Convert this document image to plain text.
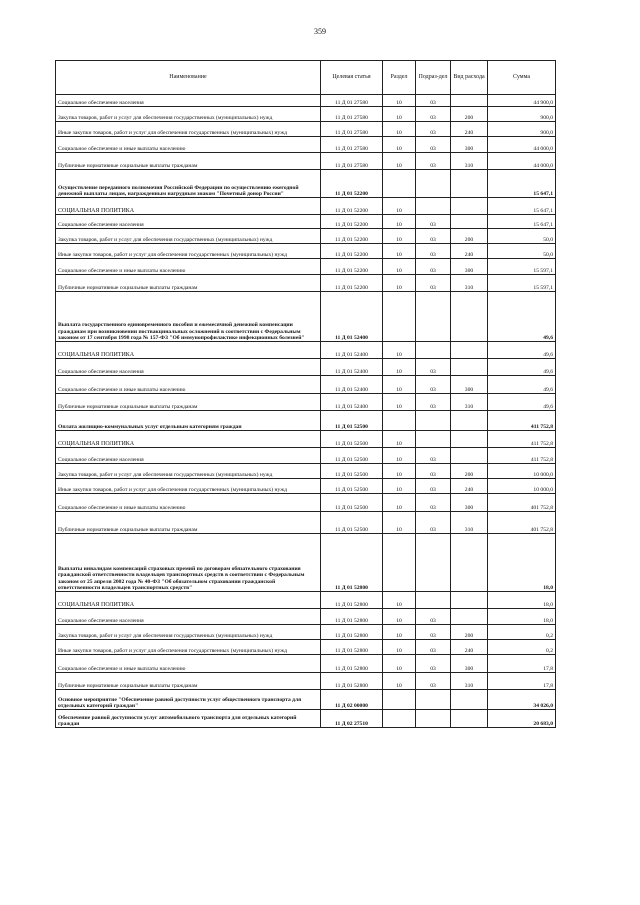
359
Наименование	Целевая статья	Раздел	Подраз-дел	Вид расхода	Сумма
Социальное обеспечение населения	11 Д 01 27580	10	03		44 900,0
Закупка товаров, работ и услуг для обеспечения государственных (муниципальных) нужд	11 Д 01 27580	10	03	200	900,0
Иные закупки товаров, работ и услуг для обеспечения государственных (муниципальных) нужд	11 Д 01 27580	10	03	240	900,0
Социальное обеспечение и иные выплаты населению	11 Д 01 27580	10	03	300	44 000,0
Публичные нормативные социальные выплаты гражданам	11 Д 01 27580	10	03	310	44 000,0
Осуществление переданного полномочия Российской Федерации по осуществлению ежегодной денежной выплаты лицам, награжденным нагрудным знаком "Почетный донор России"	11 Д 01 52200				15 647,1
СОЦИАЛЬНАЯ ПОЛИТИКА	11 Д 01 52200	10			15 647,1
Социальное обеспечение населения	11 Д 01 52200	10	03		15 647,1
Закупка товаров, работ и услуг для обеспечения государственных (муниципальных) нужд	11 Д 01 52200	10	03	200	50,0
Иные закупки товаров, работ и услуг для обеспечения государственных (муниципальных) нужд	11 Д 01 52200	10	03	240	50,0
Социальное обеспечение и иные выплаты населению	11 Д 01 52200	10	03	300	15 597,1
Публичные нормативные социальные выплаты гражданам	11 Д 01 52200	10	03	310	15 597,1
Выплата государственного единовременного пособия и ежемесячной денежной компенсации гражданам при возникновении поствакцинальных осложнений в соответствии с Федеральным законом от 17 сентября 1998 года № 157-ФЗ "Об иммунопрофилактике инфекционных болезней"	11 Д 01 52400				49,6
СОЦИАЛЬНАЯ ПОЛИТИКА	11 Д 01 52400	10			49,6
Социальное обеспечение населения	11 Д 01 52400	10	03		49,6
Социальное обеспечение и иные выплаты населению	11 Д 01 52400	10	03	300	49,6
Публичные нормативные социальные выплаты гражданам	11 Д 01 52400	10	03	310	49,6
Оплата жилищно-коммунальных услуг отдельным категориям граждан	11 Д 01 52500				411 752,8
СОЦИАЛЬНАЯ ПОЛИТИКА	11 Д 01 52500	10			411 752,8
Социальное обеспечение населения	11 Д 01 52500	10	03		411 752,8
Закупка товаров, работ и услуг для обеспечения государственных (муниципальных) нужд	11 Д 01 52500	10	03	200	10 000,0
Иные закупки товаров, работ и услуг для обеспечения государственных (муниципальных) нужд	11 Д 01 52500	10	03	240	10 000,0
Социальное обеспечение и иные выплаты населению	11 Д 01 52500	10	03	300	401 752,8
Публичные нормативные социальные выплаты гражданам	11 Д 01 52500	10	03	310	401 752,8
Выплаты инвалидам компенсаций страховых премий по договорам обязательного страхования гражданской ответственности владельцев транспортных средств в соответствии с Федеральным законом от 25 апреля 2002 года № 40-ФЗ "Об обязательном страховании гражданской ответственности владельцев транспортных средств"	11 Д 01 52800				18,0
СОЦИАЛЬНАЯ ПОЛИТИКА	11 Д 01 52800	10			18,0
Социальное обеспечение населения	11 Д 01 52800	10	03		18,0
Закупка товаров, работ и услуг для обеспечения государственных (муниципальных) нужд	11 Д 01 52800	10	03	200	0,2
Иные закупки товаров, работ и услуг для обеспечения государственных (муниципальных) нужд	11 Д 01 52800	10	03	240	0,2
Социальное обеспечение и иные выплаты населению	11 Д 01 52800	10	03	300	17,8
Публичные нормативные социальные выплаты гражданам	11 Д 01 52800	10	03	310	17,8
Основное мероприятие "Обеспечение равной доступности услуг общественного транспорта для отдельных категорий граждан"	11 Д 02 00000				34 026,0
Обеспечение равной доступности услуг автомобильного транспорта для отдельных категорий граждан	11 Д 02 27510				20 683,0
